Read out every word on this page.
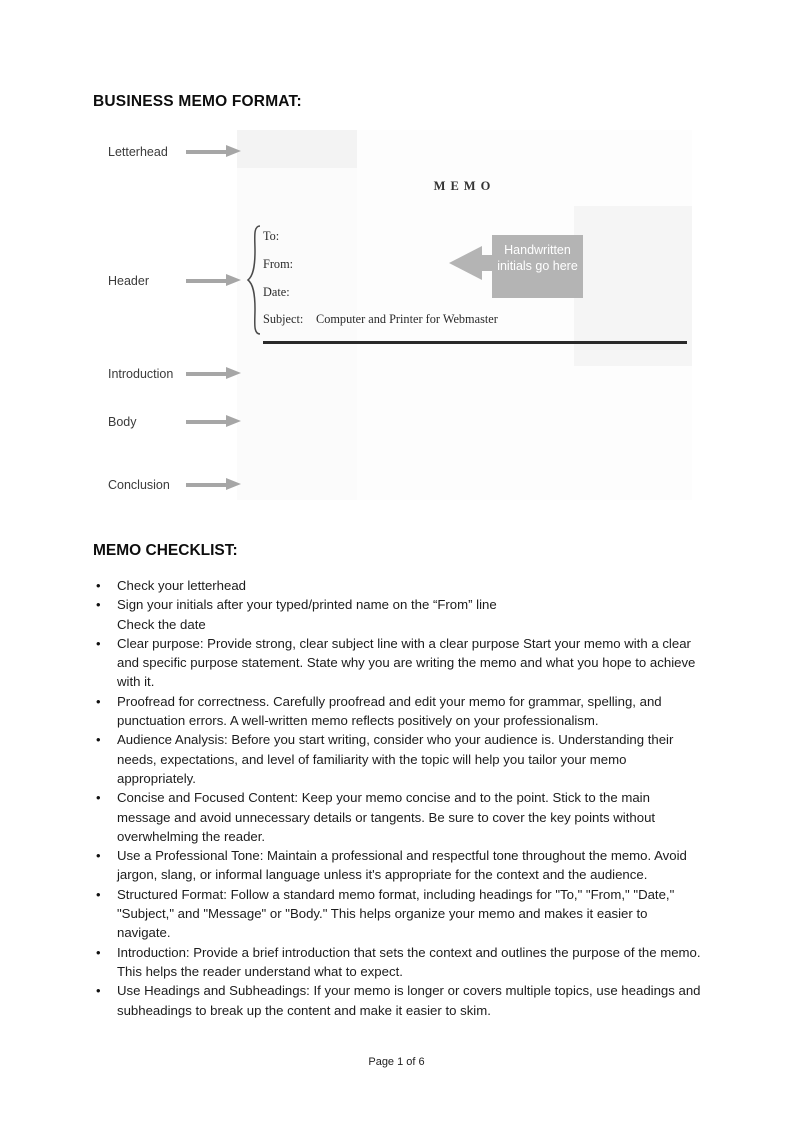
BUSINESS MEMO FORMAT:
MEMO
To:
From:
Date:
Subject: Computer and Printer for Webmaster
Handwritten initials go here
Letterhead
Header
Introduction
Body
Conclusion
MEMO CHECKLIST:
• Check your letterhead
• Sign your initials after your typed/printed name on the “From” line
Check the date
• Clear purpose: Provide strong, clear subject line with a clear purpose Start your memo with a clear and specific purpose statement. State why you are writing the memo and what you hope to achieve with it.
• Proofread for correctness. Carefully proofread and edit your memo for grammar, spelling, and punctuation errors. A well-written memo reflects positively on your professionalism.
• Audience Analysis: Before you start writing, consider who your audience is. Understanding their needs, expectations, and level of familiarity with the topic will help you tailor your memo appropriately.
• Concise and Focused Content: Keep your memo concise and to the point. Stick to the main message and avoid unnecessary details or tangents. Be sure to cover the key points without overwhelming the reader.
• Use a Professional Tone: Maintain a professional and respectful tone throughout the memo. Avoid jargon, slang, or informal language unless it's appropriate for the context and the audience.
• Structured Format: Follow a standard memo format, including headings for "To," "From," "Date," "Subject," and "Message" or "Body." This helps organize your memo and makes it easier to navigate.
• Introduction: Provide a brief introduction that sets the context and outlines the purpose of the memo. This helps the reader understand what to expect.
• Use Headings and Subheadings: If your memo is longer or covers multiple topics, use headings and subheadings to break up the content and make it easier to skim.
Page 1 of 6
